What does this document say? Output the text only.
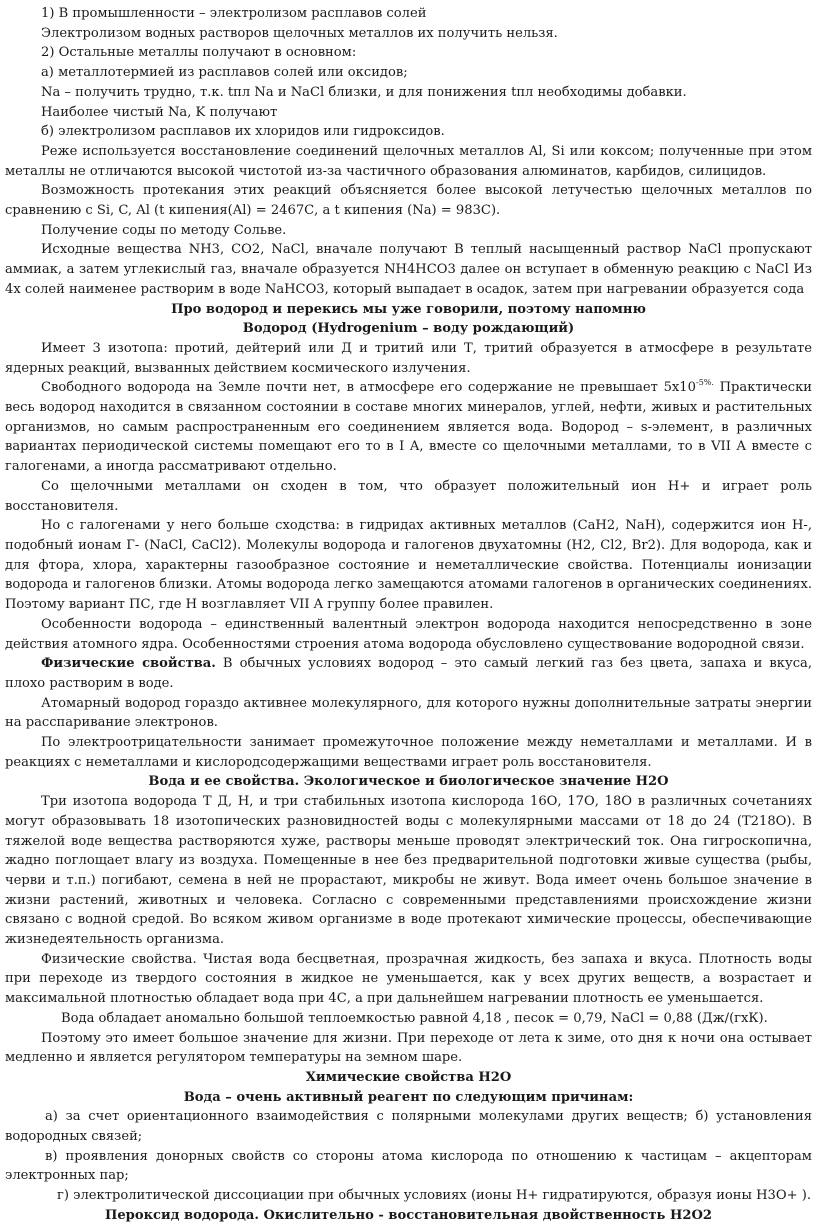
1) В промышленности – электролизом расплавов солей

Электролизом водных растворов щелочных металлов их получить нельзя.

2) Остальные металлы получают в основном:

а) металлотермией из расплавов солей или оксидов;

Na – получить трудно, т.к. tпл Na и NaCl близки, и для понижения tпл необходимы добавки.

Наиболее чистый Na, K получают

б) электролизом расплавов их хлоридов или гидроксидов.

Реже используется восстановление соединений щелочных металлов Al, Si или коксом; полученные при этом металлы не отличаются высокой чистотой из-за частичного образования алюминатов, карбидов, силицидов.

Возможность протекания этих реакций объясняется более высокой летучестью щелочных металлов по сравнению с Si, C, Al (t кипения(Al) = 2467С, а t кипения (Na) = 983С).

Получение соды по методу Сольве.

Исходные вещества NH3, CO2, NaCl, вначале получают В теплый насыщенный раствор NaCl пропускают аммиак, а затем углекислый газ, вначале образуется NH4HCO3 далее он вступает в обменную реакцию с NaCl Из 4х солей наименее растворим в воде NaHCO3, который выпадает в осадок, затем при нагревании образуется сода

Про водород и перекись мы уже говорили, поэтому напомню

Водород (Hydrogenium – воду рождающий)

Имеет 3 изотопа: протий, дейтерий или Д и тритий или Т, тритий образуется в атмосфере в результате ядерных реакций, вызванных действием космического излучения.

Свободного водорода на Земле почти нет, в атмосфере его содержание не превышает $5х10^{-5\%.}$ Практически весь водород находится в связанном состоянии в составе многих минералов, углей, нефти, живых и растительных организмов, но самым распространенным его соединением является вода. Водород – s-элемент, в различных вариантах периодической системы помещают его то в I A, вместе со щелочными металлами, то в VII A вместе с галогенами, а иногда рассматривают отдельно.

Со щелочными металлами он сходен в том, что образует положительный ион Н+ и играет роль восстановителя.

Но с галогенами у него больше сходства: в гидридах активных металлов (CaH2, NaH), содержится ион Н-, подобный ионам Г- (NaCl, CaCl2). Молекулы водорода и галогенов двухатомны (Н2, Cl2, Br2). Для водорода, как и для фтора, хлора, характерны газообразное состояние и неметаллические свойства. Потенциалы ионизации водорода и галогенов близки. Атомы водорода легко замещаются атомами галогенов в органических соединениях. Поэтому вариант ПС, где Н возглавляет VII A группу более правилен.

Особенности водорода – единственный валентный электрон водорода находится непосредственно в зоне действия атомного ядра. Особенностями строения атома водорода обусловлено существование водородной связи.

Физические свойства. В обычных условиях водород – это самый легкий газ без цвета, запаха и вкуса, плохо растворим в воде.

Атомарный водород гораздо активнее молекулярного, для которого нужны дополнительные затраты энергии на расспаривание электронов.

По электроотрицательности занимает промежуточное положение между неметаллами и металлами. И в реакциях с неметаллами и кислородсодержащими веществами играет роль восстановителя.

Вода и ее свойства. Экологическое и биологическое значение Н2О

Три изотопа водорода Т Д, Н, и три стабильных изотопа кислорода 16О, 17О, 18О в различных сочетаниях могут образовывать 18 изотопических разновидностей воды с молекулярными массами от 18 до 24 (Т218О). В тяжелой воде вещества растворяются хуже, растворы меньше проводят электрический ток. Она гигроскопична, жадно поглощает влагу из воздуха. Помещенные в нее без предварительной подготовки живые существа (рыбы, черви и т.п.) погибают, семена в ней не прорастают, микробы не живут. Вода имеет очень большое значение в жизни растений, животных и человека. Согласно с современными представлениями происхождение жизни связано с водной средой. Во всяком живом организме в воде протекают химические процессы, обеспечивающие жизнедеятельность организма.

Физические свойства. Чистая вода бесцветная, прозрачная жидкость, без запаха и вкуса. Плотность воды при переходе из твердого состояния в жидкое не уменьшается, как у всех других веществ, а возрастает и максимальной плотностью обладает вода при 4С, а при дальнейшем нагревании плотность ее уменьшается.

Вода обладает аномально большой теплоемкостью равной 4,18 , песок = 0,79, NaCl = 0,88 (Дж/(гхК).

Поэтому это имеет большое значение для жизни. При переходе от лета к зиме, ото дня к ночи она остывает медленно и является регулятором температуры на земном шаре.

Химические свойства Н2О

Вода – очень активный реагент по следующим причинам:

а) за счет ориентационного взаимодействия с полярными молекулами других веществ; б) установления водородных связей;

в) проявления донорных свойств со стороны атома кислорода по отношению к частицам – акцепторам электронных пар;

г) электролитической диссоциации при обычных условиях (ионы Н+ гидратируются, образуя ионы Н3О+ ).

Пероксид водорода. Окислительно - восстановительная двойственность Н2О2
